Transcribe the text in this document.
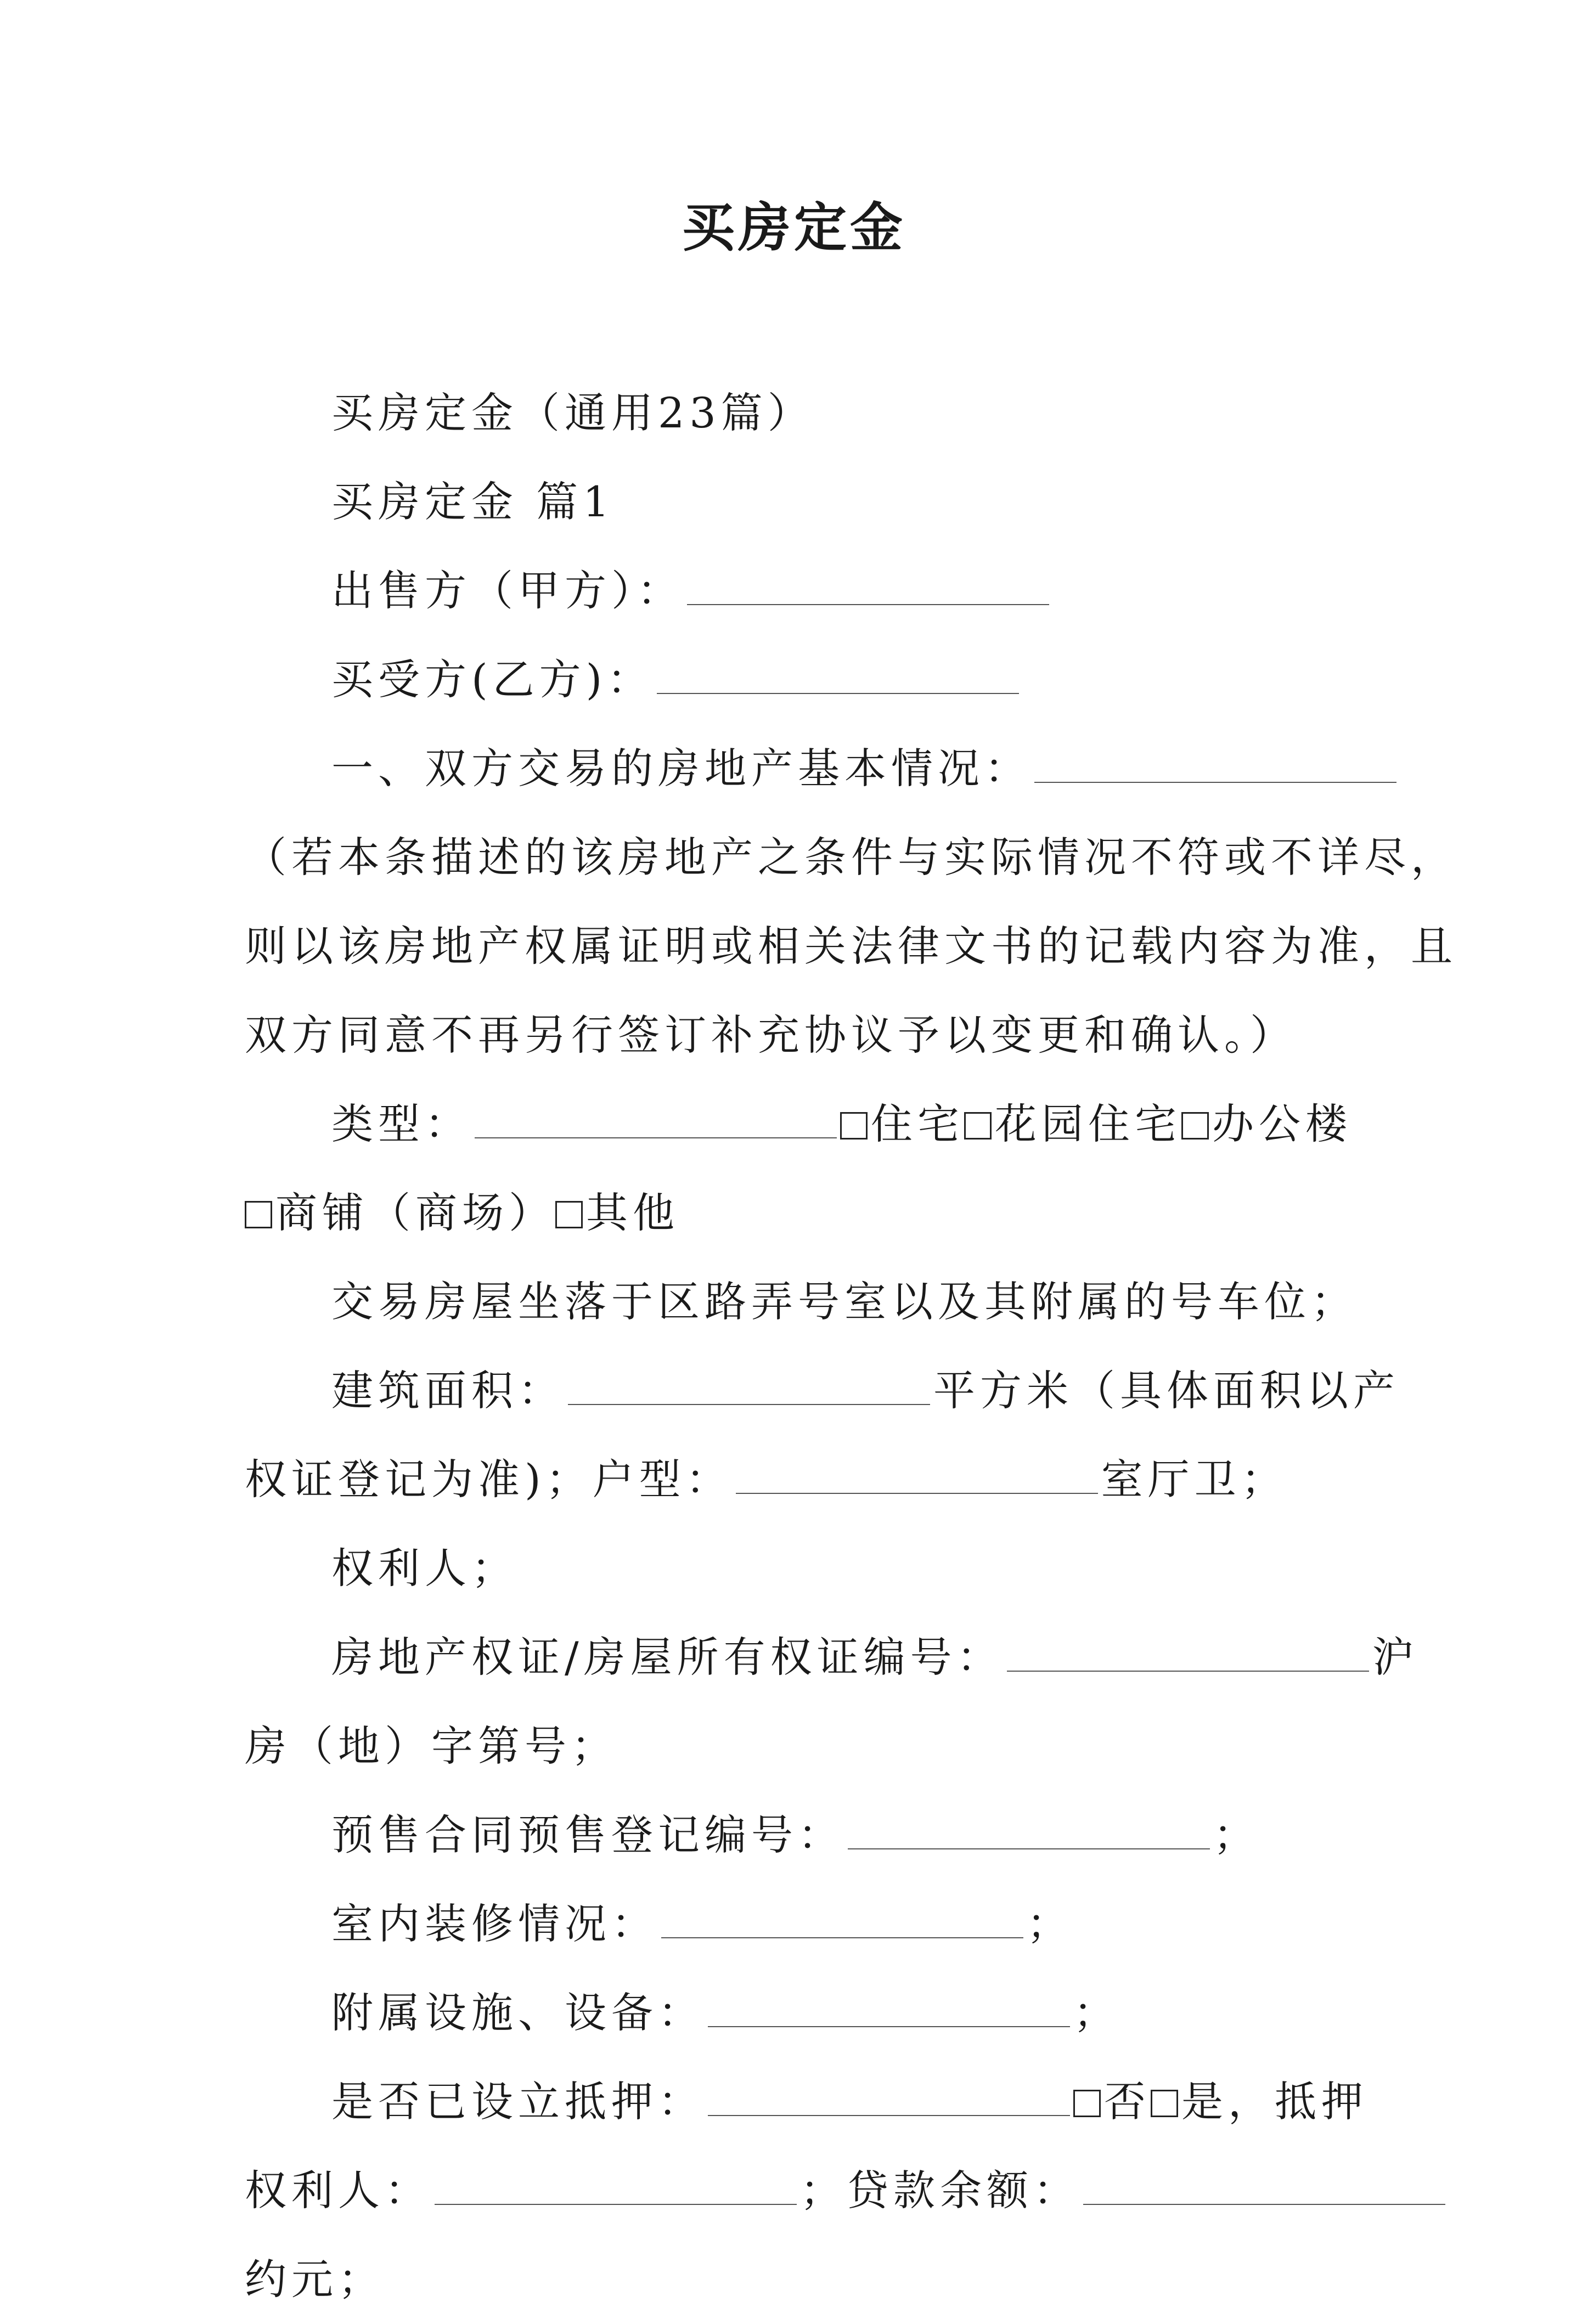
买房定金

买房定金（通用23篇）

买房定金 篇1

出售方（甲方）：

买受方(乙方)：

一、双方交易的房地产基本情况：

（若本条描述的该房地产之条件与实际情况不符或不详尽，

则以该房地产权属证明或相关法律文书的记载内容为准，且

双方同意不再另行签订补充协议予以变更和确认。）

类型：	住宅 花园住宅 办公楼

商铺（商场） 其他

交易房屋坐落于区路弄号室以及其附属的号车位；

建筑面积：	平方米（具体面积以产

权证登记为准)；户型：	室厅卫；

权利人；

房地产权证/房屋所有权证编号：	沪

房（地）字第号；

预售合同预售登记编号：	；

室内装修情况：	；

附属设施、设备：	；

是否已设立抵押：	否 是，抵押

权利人：	；贷款余额：

约元；
